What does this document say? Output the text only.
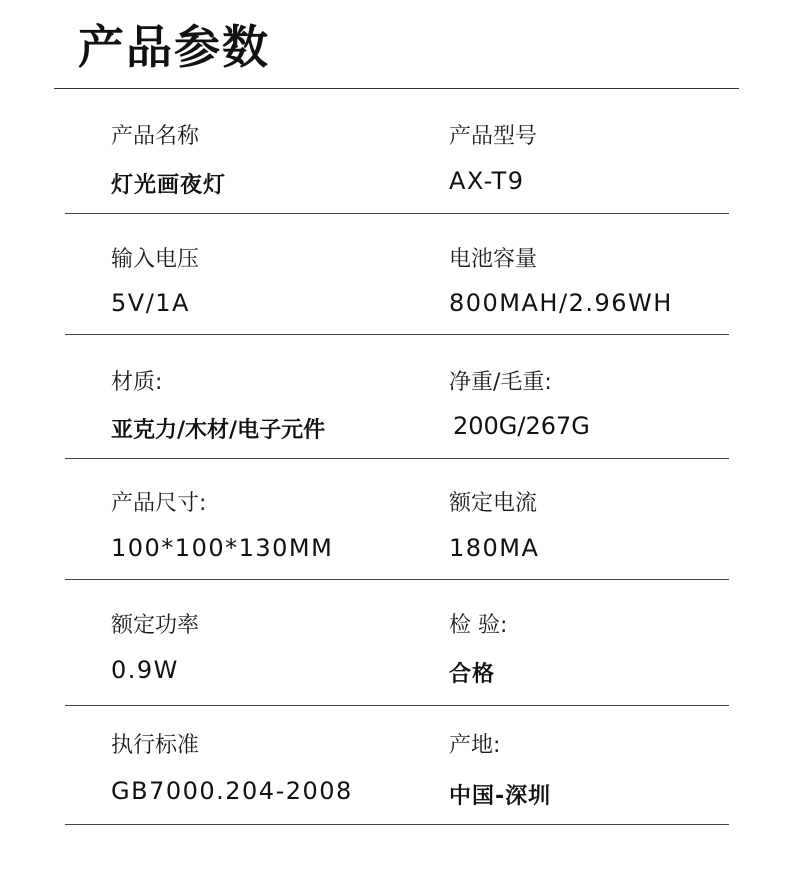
产品参数
产品名称
灯光画夜灯
产品型号
AX-T9
输入电压
5V/1A
电池容量
800MAH/2.96WH
材质:
亚克力/木材/电子元件
净重/毛重:
200G/267G
产品尺寸:
100*100*130MM
额定电流
180MA
额定功率
0.9W
检 验:
合格
执行标准
GB7000.204-2008
产地:
中国-深圳
